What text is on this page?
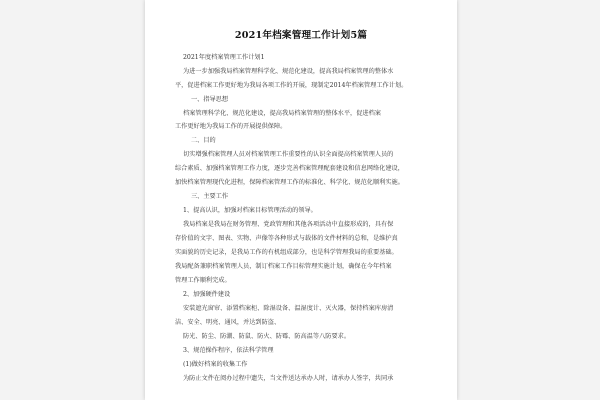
2021年档案管理工作计划5篇
2021年度档案管理工作计划1
为进一步加强我局档案管理科学化、规范化建设，提高我局档案管理的整体水
平，促进档案工作更好地为我局各项工作的开展，现制定2014年档案管理工作计划。
一、指导思想
档案管理科学化、规范化建设，提高我局档案管理的整体水平，促进档案
工作更好地为我局工作的开展提供保障。
二、目的
切实增强档案管理人员对档案管理工作重要性的认识全面提高档案管理人员的
综合素质、加强档案管理工作力度，逐步完善档案管理配套建设和信息网络化建设，
加快档案管理现代化进程，保障档案管理工作的标准化、科学化、规范化顺利实施。
三、主要工作
1、提高认识，加强对档案目标管理活动的领导。
我局档案是我局在财务管理、党政管理和其他各项活动中直接形成的，具有保
存价值的文字、图表、实物、声像等各种形式与载体的文件材料的总和，是维护真
实面貌的历史记录，是我局工作的有机组成部分，也是科学管理我局的重要基础。
我局配备兼职档案管理人员，制订档案工作目标管理实施计划，确保在今年档案
管理工作顺利完成。
2、加强硬件建设
安装遮光窗帘、添置档案柜、除湿设备、温湿度计、灭火器，保持档案库房清
洁、安全、明亮、通风，并达到防盗、
防光、防尘、防潮、防鼠、防火、防霉、防高温等八防要求。
3、规范操作程序，依法科学管理
(1)做好档案的收集工作
为防止文件在阅办过程中遗失，当文件送达承办人时，请承办人签字，共同承
